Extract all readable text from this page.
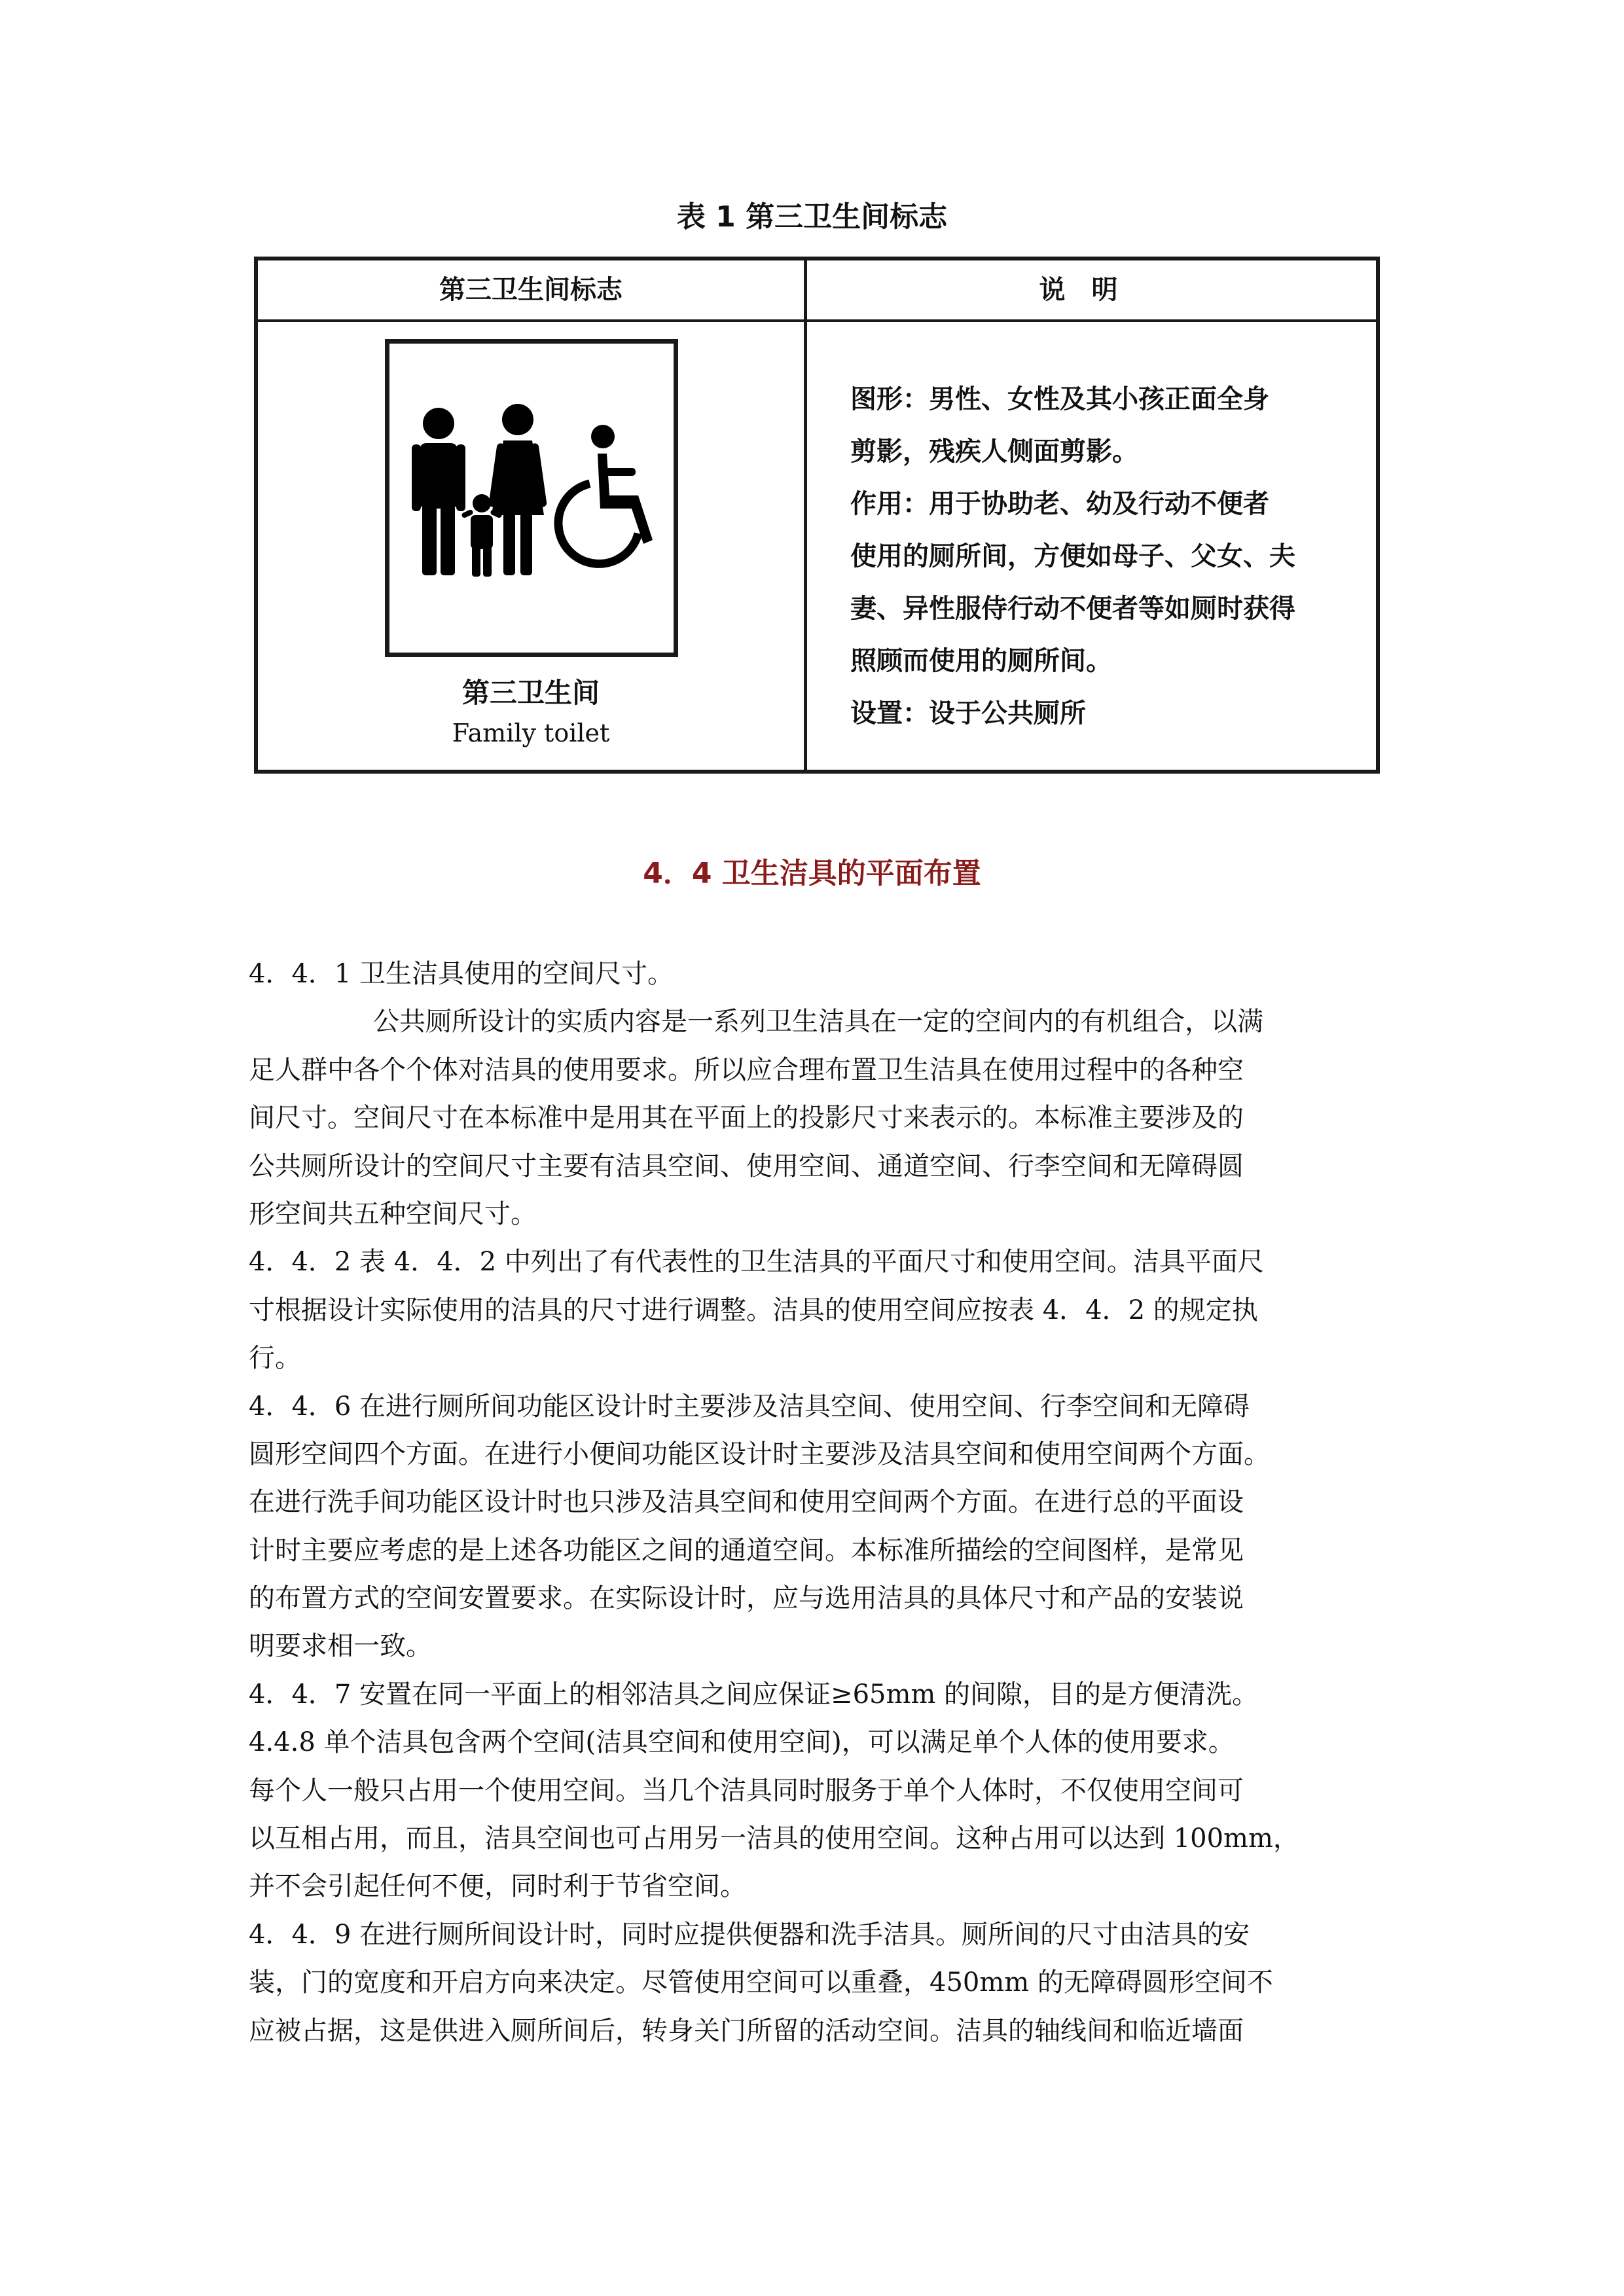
表 1 第三卫生间标志
第三卫生间标志	说明
第三卫生间
Family toilet

图形：男性、女性及其小孩正面全身

剪影，残疾人侧面剪影。

作用：用于协助老、幼及行动不便者

使用的厕所间，方便如母子、父女、夫

妻、异性服侍行动不便者等如厕时获得

照顾而使用的厕所间。

设置：设于公共厕所

4．4 卫生洁具的平面布置
4．4．1 卫生洁具使用的空间尺寸。
公共厕所设计的实质内容是一系列卫生洁具在一定的空间内的有机组合，以满
足人群中各个个体对洁具的使用要求。所以应合理布置卫生洁具在使用过程中的各种空
间尺寸。空间尺寸在本标准中是用其在平面上的投影尺寸来表示的。本标准主要涉及的
公共厕所设计的空间尺寸主要有洁具空间、使用空间、通道空间、行李空间和无障碍圆
形空间共五种空间尺寸。
4．4．2 表 4．4．2 中列出了有代表性的卫生洁具的平面尺寸和使用空间。洁具平面尺
寸根据设计实际使用的洁具的尺寸进行调整。洁具的使用空间应按表 4．4．2 的规定执
行。
4．4．6 在进行厕所间功能区设计时主要涉及洁具空间、使用空间、行李空间和无障碍
圆形空间四个方面。在进行小便间功能区设计时主要涉及洁具空间和使用空间两个方面。
在进行洗手间功能区设计时也只涉及洁具空间和使用空间两个方面。在进行总的平面设
计时主要应考虑的是上述各功能区之间的通道空间。本标准所描绘的空间图样，是常见
的布置方式的空间安置要求。在实际设计时，应与选用洁具的具体尺寸和产品的安装说
明要求相一致。
4．4．7 安置在同一平面上的相邻洁具之间应保证≥65mm 的间隙，目的是方便清洗。
4.4.8 单个洁具包含两个空间(洁具空间和使用空间)，可以满足单个人体的使用要求。
每个人一般只占用一个使用空间。当几个洁具同时服务于单个人体时，不仅使用空间可
以互相占用，而且，洁具空间也可占用另一洁具的使用空间。这种占用可以达到 100mm，
并不会引起任何不便，同时利于节省空间。
4．4．9 在进行厕所间设计时，同时应提供便器和洗手洁具。厕所间的尺寸由洁具的安
装，门的宽度和开启方向来决定。尽管使用空间可以重叠，450mm 的无障碍圆形空间不
应被占据，这是供进入厕所间后，转身关门所留的活动空间。洁具的轴线间和临近墙面
